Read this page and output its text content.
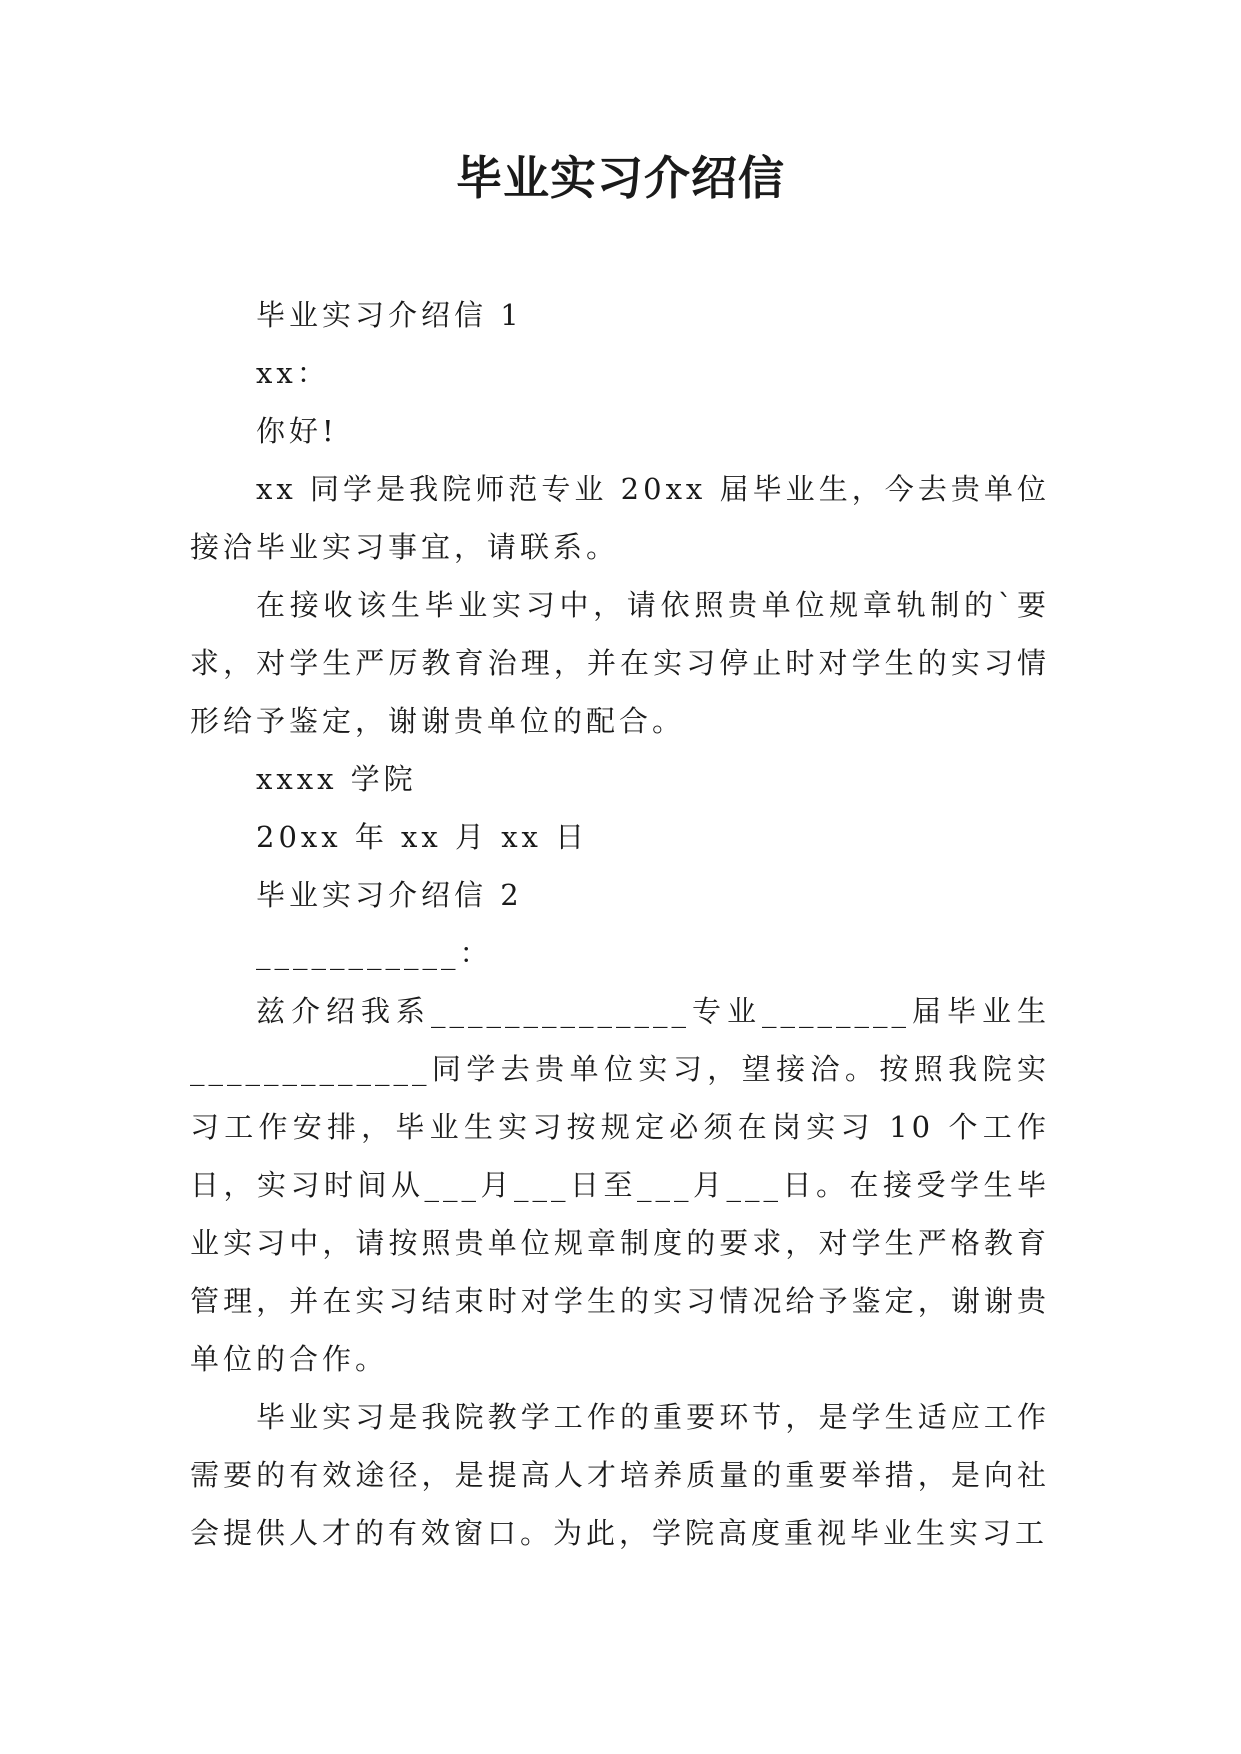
毕业实习介绍信

毕业实习介绍信 1

xx：

你好!

xx 同学是我院师范专业 20xx 届毕业生，今去贵单位接洽毕业实习事宜，请联系。

在接收该生毕业实习中，请依照贵单位规章轨制的`要求，对学生严厉教育治理，并在实习停止时对学生的实习情形给予鉴定，谢谢贵单位的配合。

xxxx 学院

20xx 年 xx 月 xx 日

毕业实习介绍信 2

___________：

兹介绍我系______________专业________届毕业生_____________同学去贵单位实习，望接洽。按照我院实习工作安排，毕业生实习按规定必须在岗实习 10 个工作日，实习时间从___月___日至___月___日。在接受学生毕业实习中，请按照贵单位规章制度的要求，对学生严格教育管理，并在实习结束时对学生的实习情况给予鉴定，谢谢贵单位的合作。

毕业实习是我院教学工作的重要环节，是学生适应工作需要的有效途径，是提高人才培养质量的重要举措，是向社会提供人才的有效窗口。为此，学院高度重视毕业生实习工
